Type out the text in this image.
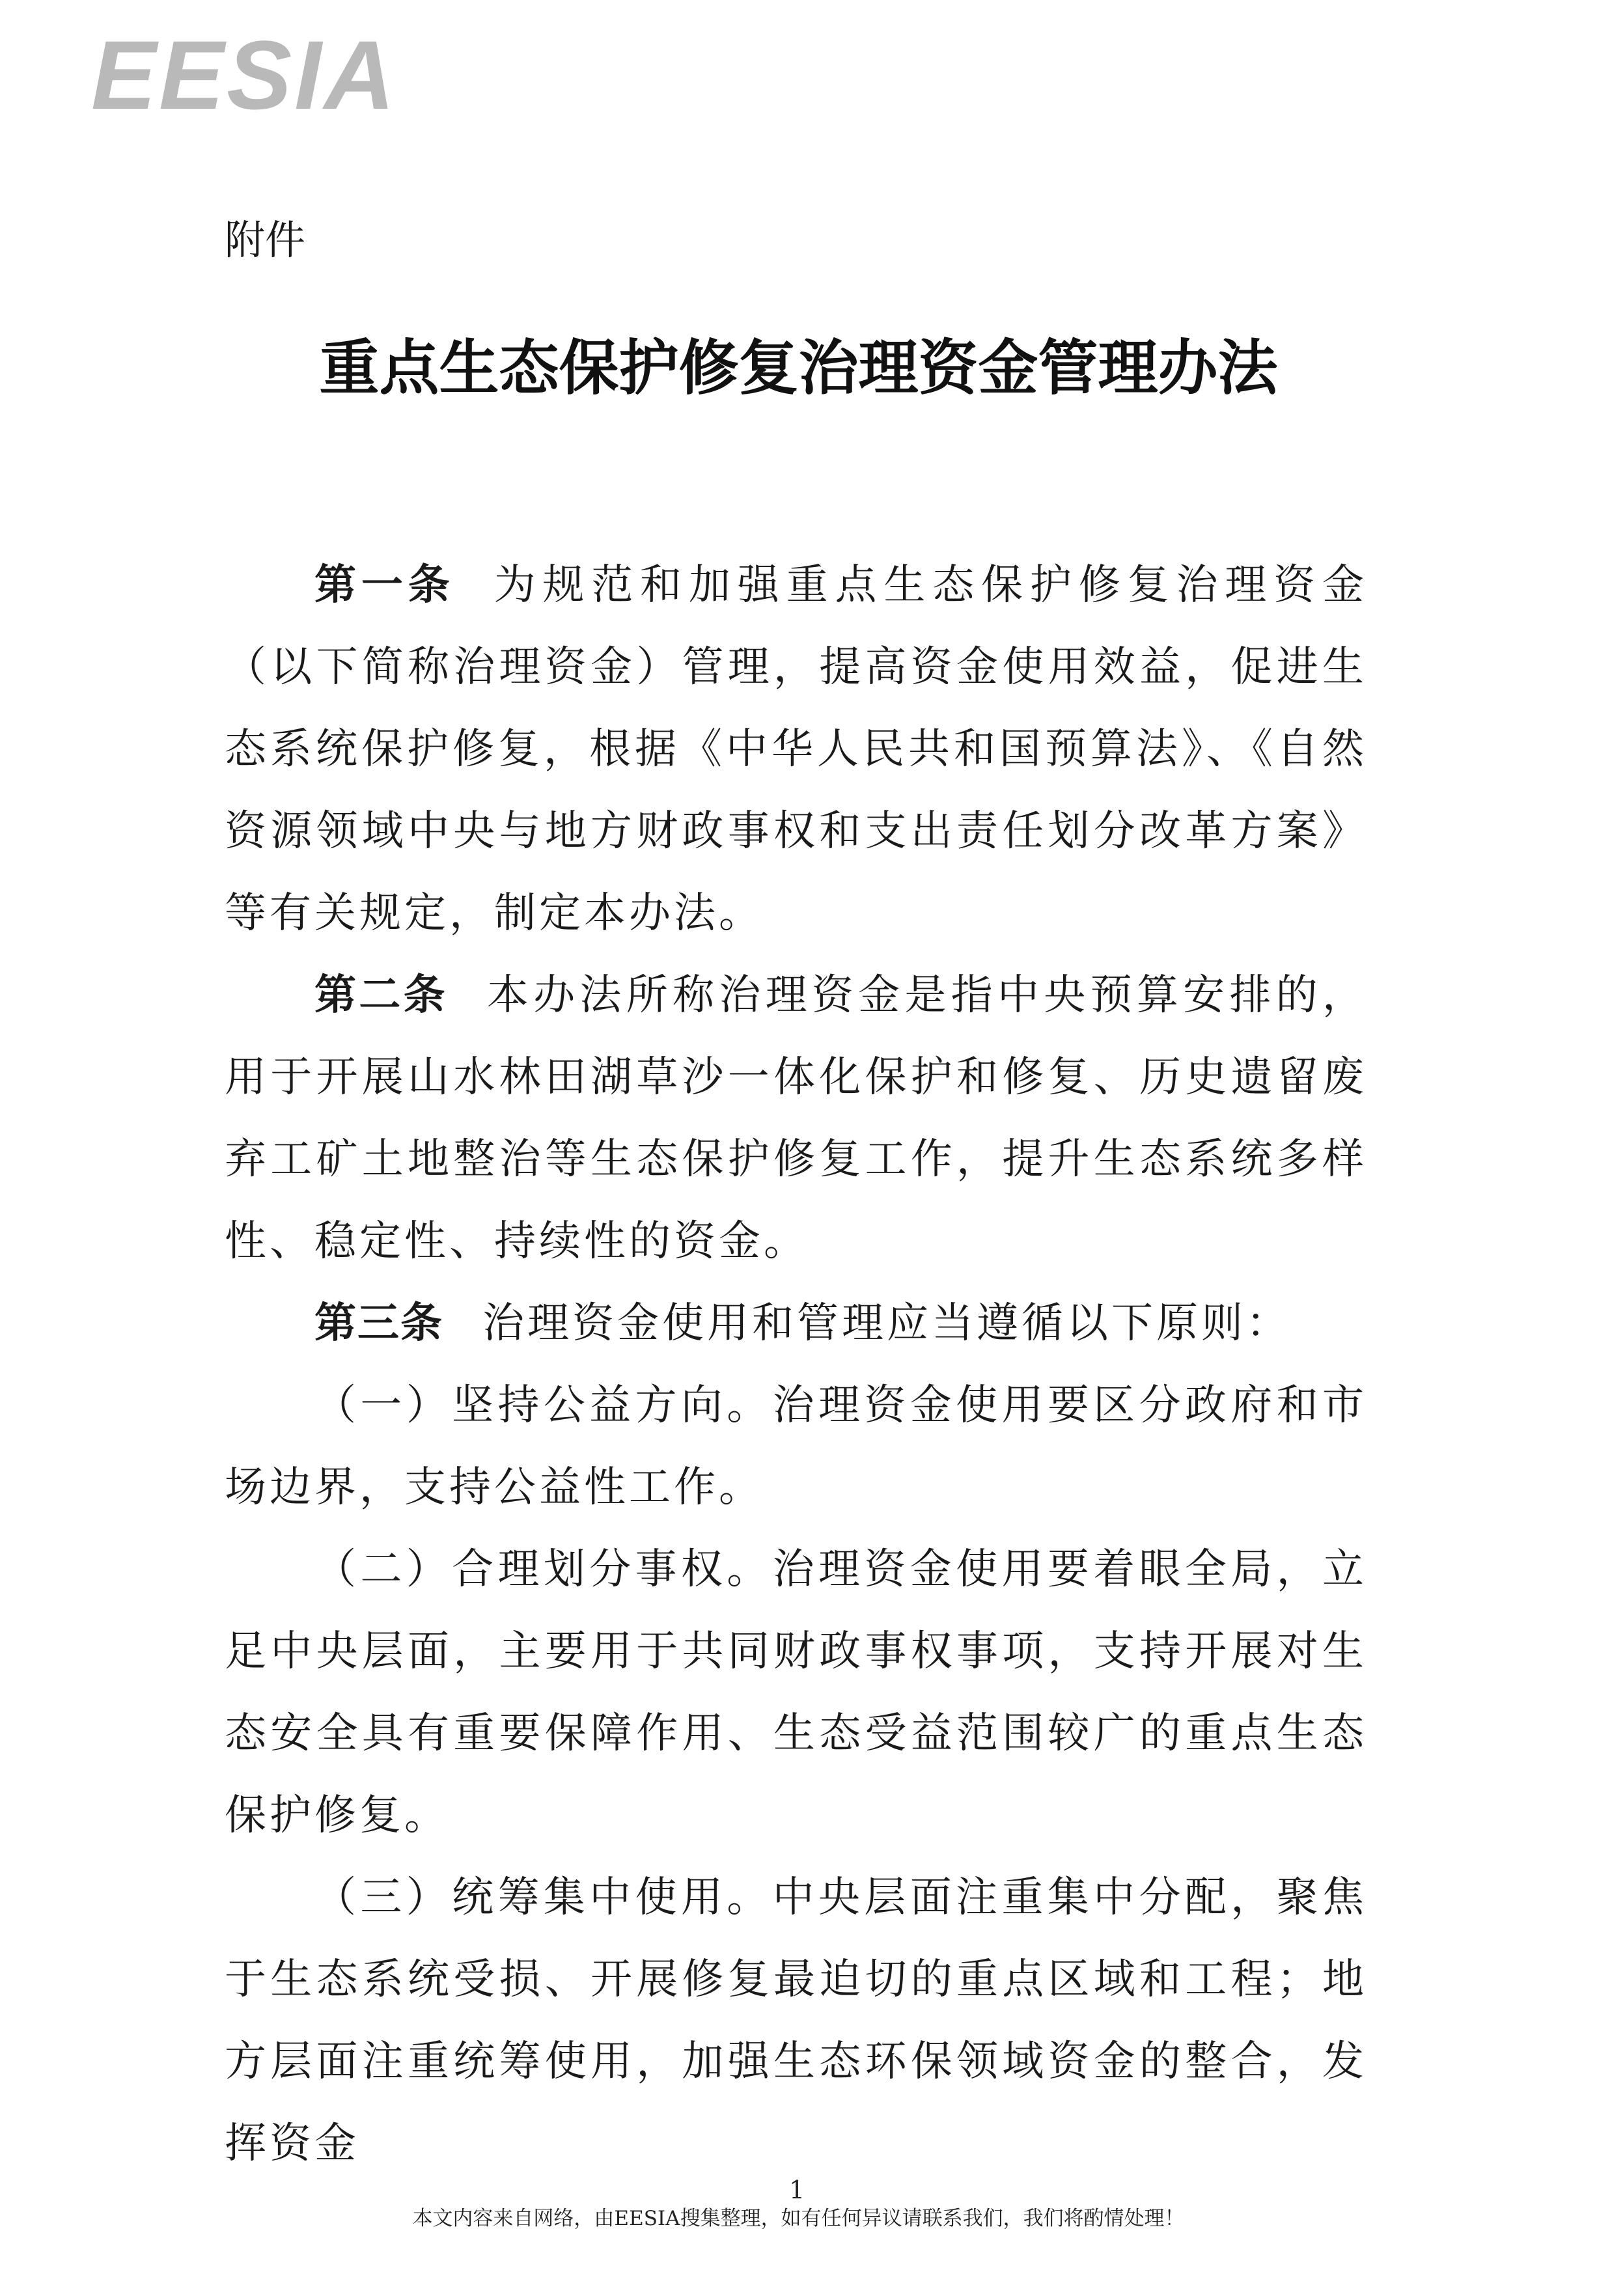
EESIA
附件
重点生态保护修复治理资金管理办法

第一条 为规范和加强重点生态保护修复治理资金（以下简称治理资金）管理，提高资金使用效益，促进生态系统保护修复，根据《中华人民共和国预算法》、《自然资源领域中央与地方财政事权和支出责任划分改革方案》等有关规定，制定本办法。

第二条 本办法所称治理资金是指中央预算安排的，用于开展山水林田湖草沙一体化保护和修复、历史遗留废弃工矿土地整治等生态保护修复工作，提升生态系统多样性、稳定性、持续性的资金。

第三条 治理资金使用和管理应当遵循以下原则：

（一）坚持公益方向。治理资金使用要区分政府和市场边界，支持公益性工作。

（二）合理划分事权。治理资金使用要着眼全局，立足中央层面，主要用于共同财政事权事项，支持开展对生态安全具有重要保障作用、生态受益范围较广的重点生态保护修复。

（三）统筹集中使用。中央层面注重集中分配，聚焦于生态系统受损、开展修复最迫切的重点区域和工程；地方层面注重统筹使用，加强生态环保领域资金的整合，发挥资金

1
本文内容来自网络，由EESIA搜集整理，如有任何异议请联系我们，我们将酌情处理！
